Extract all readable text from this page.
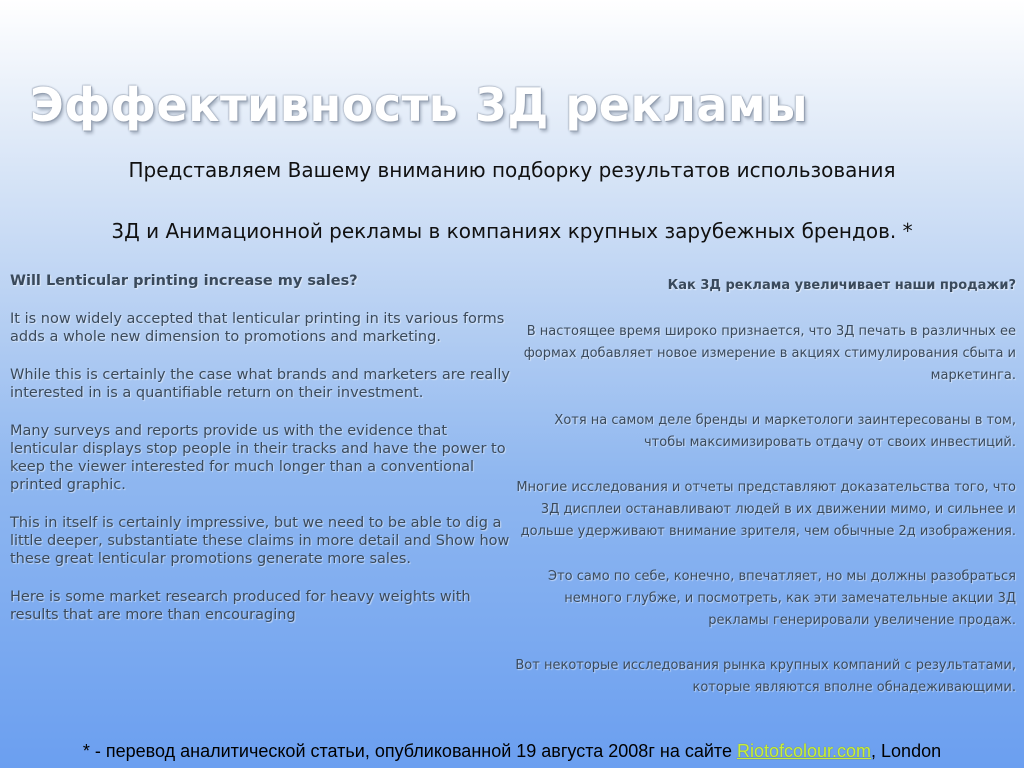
Эффективность 3Д рекламы

Представляем Вашему вниманию подборку результатов использования

3Д и Анимационной рекламы в компаниях крупных зарубежных брендов. *

Will Lenticular printing increase my sales?

It is now widely accepted that lenticular printing in its various forms adds a whole new dimension to promotions and marketing.

While this is certainly the case what brands and marketers are really interested in is a quantifiable return on their investment.

Many surveys and reports provide us with the evidence that lenticular displays stop people in their tracks and have the power to keep the viewer interested for much longer than a conventional printed graphic.

This in itself is certainly impressive, but we need to be able to dig a little deeper, substantiate these claims in more detail and Show how these great lenticular promotions generate more sales.

Here is some market research produced for heavy weights with results that are more than encouraging

Как 3Д реклама увеличивает наши продажи?

В настоящее время широко признается, что 3Д печать в различных ее формах добавляет новое измерение в акциях стимулирования сбыта и маркетинга.

Хотя на самом деле бренды и маркетологи заинтересованы в том, чтобы максимизировать отдачу от своих инвестиций.

Многие исследования и отчеты представляют доказательства того, что 3Д дисплеи останавливают людей в их движении мимо, и сильнее и дольше удерживают внимание зрителя, чем обычные 2д изображения.

Это само по себе, конечно, впечатляет, но мы должны разобраться немного глубже, и посмотреть, как эти замечательные акции 3Д рекламы генерировали увеличение продаж.

Вот некоторые исследования рынка крупных компаний с результатами, которые являются вполне обнадеживающими.

* - перевод аналитической статьи, опубликованной 19 августа 2008г на сайте Riotofcolour.com, London
